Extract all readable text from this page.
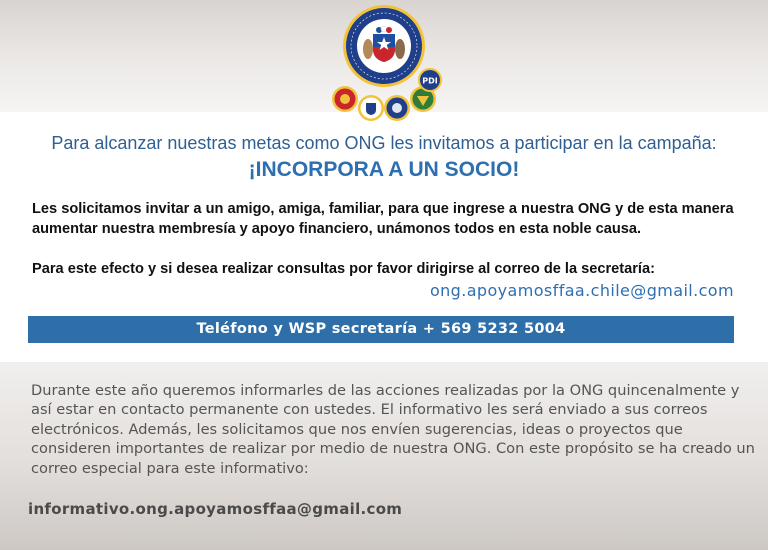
PDI
Para alcanzar nuestras metas como ONG les invitamos a participar en la campaña:
¡INCORPORA A UN SOCIO!
Les solicitamos invitar a un amigo, amiga, familiar, para que ingrese a nuestra ONG y de esta manera aumentar nuestra membresía y apoyo financiero, unámonos todos en esta noble causa.
Para este efecto y si desea realizar consultas por favor dirigirse al correo de la secretaría:
ong.apoyamosffaa.chile@gmail.com
Teléfono y WSP secretaría + 569 5232 5004
Durante este año queremos informarles de las acciones realizadas por la ONG quincenalmente y así estar en contacto permanente con ustedes. El informativo les será enviado a sus correos electrónicos. Además, les solicitamos que nos envíen sugerencias, ideas o proyectos que consideren importantes de realizar por medio de nuestra ONG. Con este propósito se ha creado un correo especial para este informativo:
informativo.ong.apoyamosffaa@gmail.com
